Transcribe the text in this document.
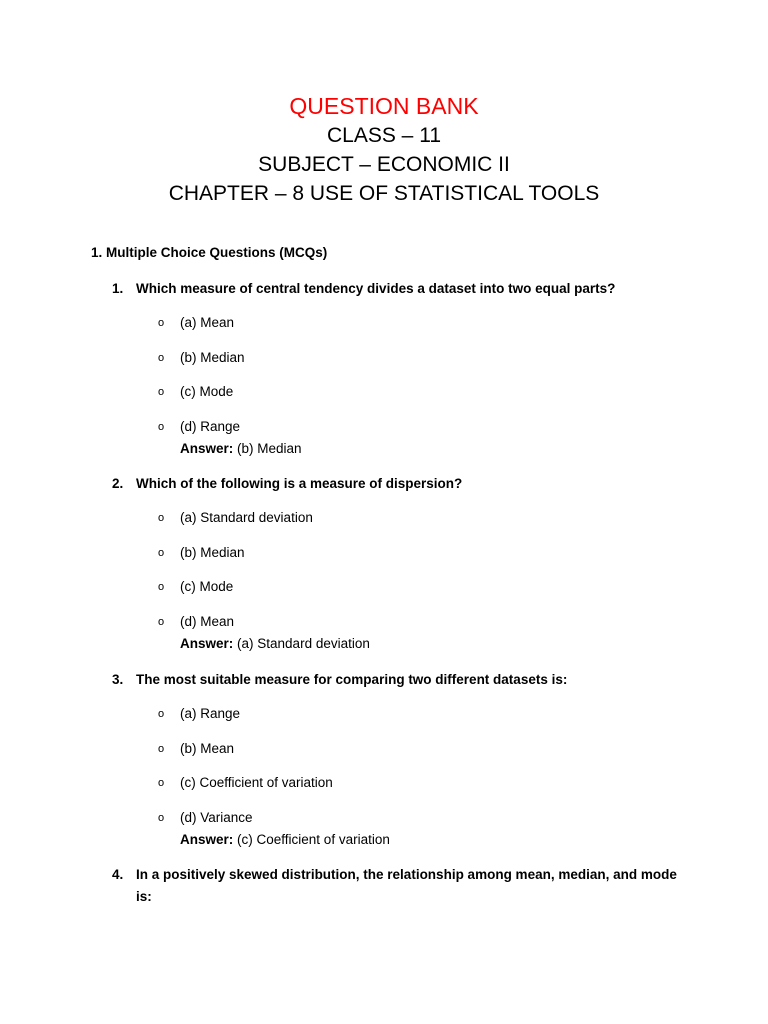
QUESTION BANK
CLASS – 11
SUBJECT – ECONOMIC II
CHAPTER – 8 USE OF STATISTICAL TOOLS
1. Multiple Choice Questions (MCQs)
1. Which measure of central tendency divides a dataset into two equal parts?
o (a) Mean
o (b) Median
o (c) Mode
o (d) Range
Answer: (b) Median
2. Which of the following is a measure of dispersion?
o (a) Standard deviation
o (b) Median
o (c) Mode
o (d) Mean
Answer: (a) Standard deviation
3. The most suitable measure for comparing two different datasets is:
o (a) Range
o (b) Mean
o (c) Coefficient of variation
o (d) Variance
Answer: (c) Coefficient of variation
4. In a positively skewed distribution, the relationship among mean, median, and mode is:
